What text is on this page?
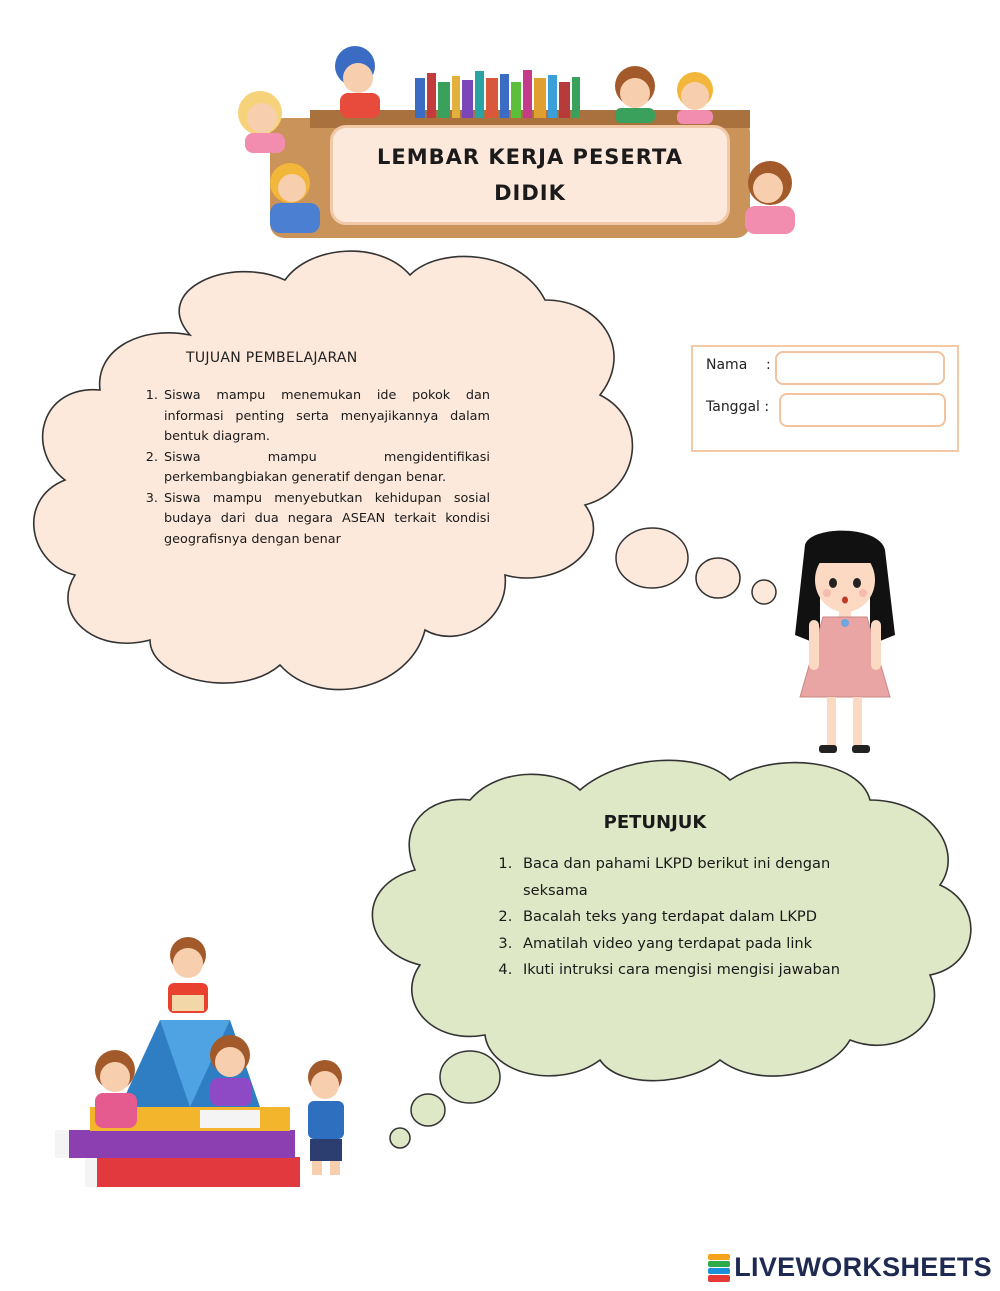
LEMBAR KERJA PESERTA
DIDIK
TUJUAN PEMBELAJARAN
1. Siswa mampu menemukan ide pokok dan informasi penting serta menyajikannya dalam bentuk diagram.
2. Siswa mampu mengidentifikasi perkembangbiakan generatif dengan benar.
3. Siswa mampu menyebutkan kehidupan sosial budaya dari dua negara ASEAN terkait kondisi geografisnya dengan benar
Nama :
Tanggal :
PETUNJUK
1. Baca dan pahami LKPD berikut ini dengan seksama
2. Bacalah teks yang terdapat dalam LKPD
3. Amatilah video yang terdapat pada link
4. Ikuti intruksi cara mengisi mengisi jawaban
LIVEWORKSHEETS
